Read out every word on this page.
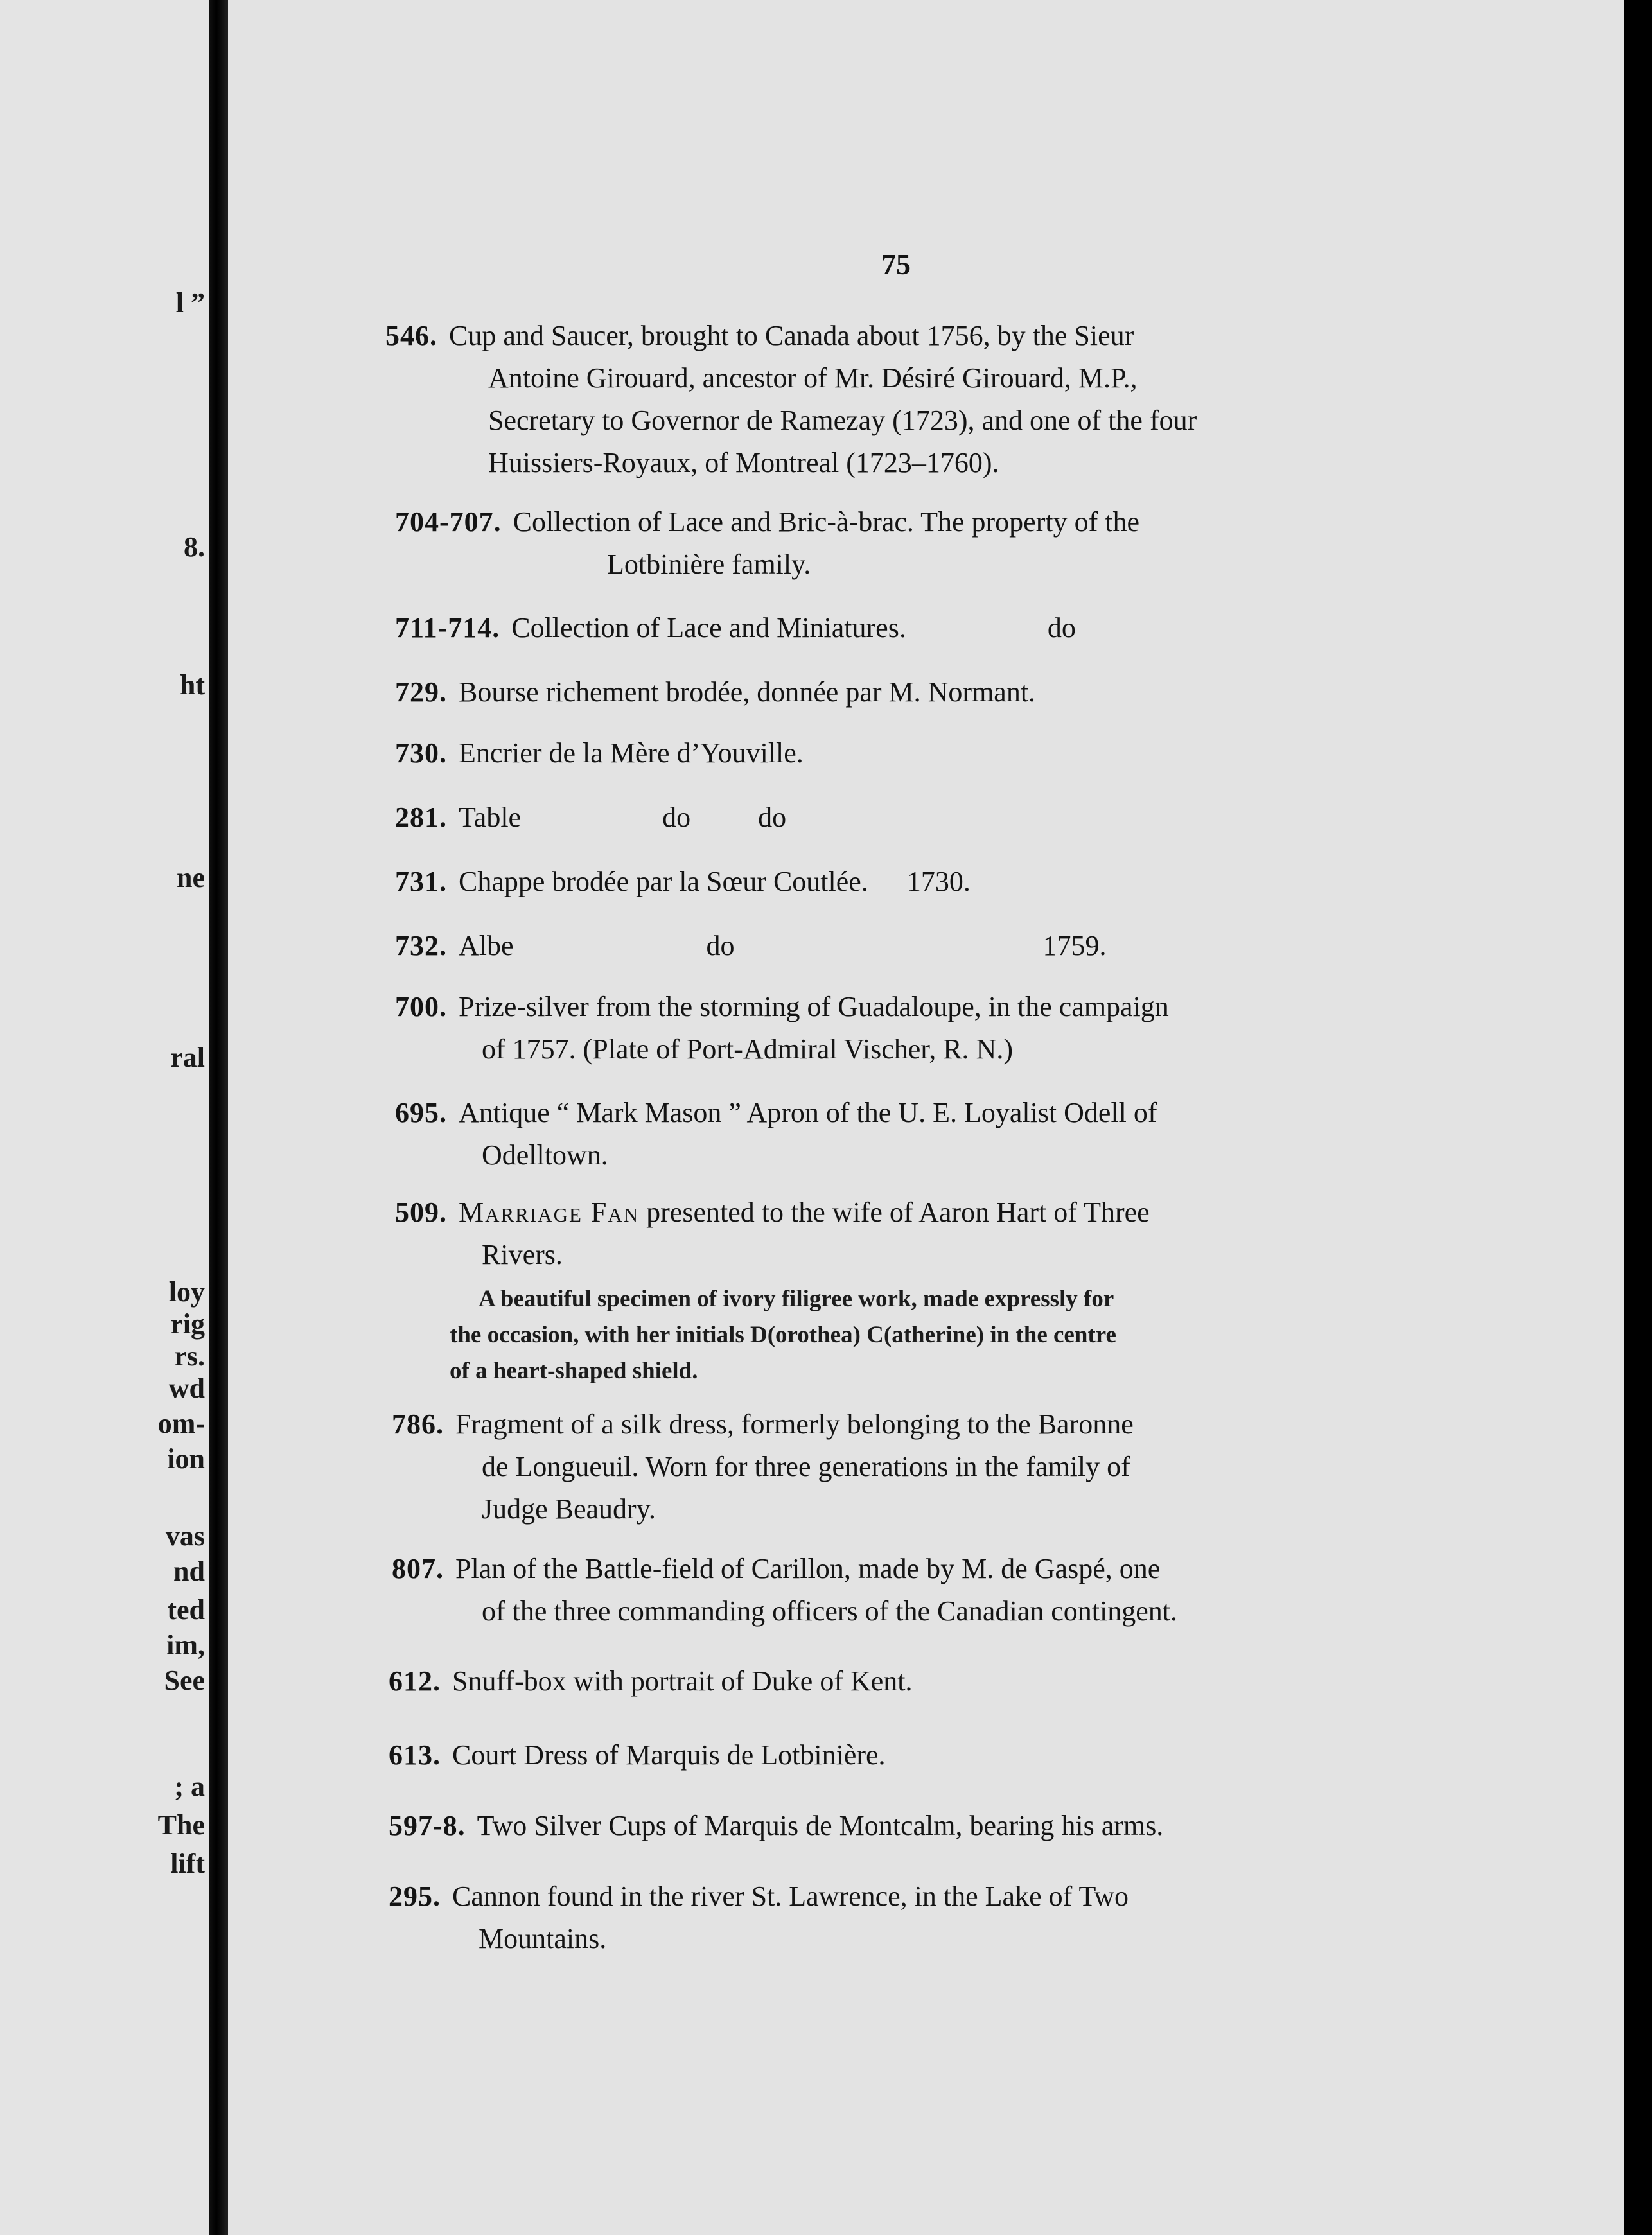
l ”
8.
ht
ne
ral
loy
rig
rs.
wd
om-
ion
vas
nd
ted
im,
See
; a
The
lift
75
546. Cup and Saucer, brought to Canada about 1756, by the Sieur
Antoine Girouard, ancestor of Mr. Désiré Girouard, M.P.,
Secretary to Governor de Ramezay (1723), and one of the four
Huissiers-Royaux, of Montreal (1723–1760).
704-707. Collection of Lace and Bric-à-brac. The property of the
Lotbinière family.
711-714. Collection of Lace and Miniatures.	do
729. Bourse richement brodée, donnée par M. Normant.
730. Encrier de la Mère d’Youville.
281. Table	do do
731. Chappe brodée par la Sœur Coutlée. 1730.
732. Albe	do	1759.
700. Prize-silver from the storming of Guadaloupe, in the campaign
of 1757. (Plate of Port-Admiral Vischer, R. N.)
695. Antique “ Mark Mason ” Apron of the U. E. Loyalist Odell of
Odelltown.
509. Marriage Fan presented to the wife of Aaron Hart of Three
Rivers.
A beautiful specimen of ivory filigree work, made expressly for
the occasion, with her initials D(orothea) C(atherine) in the centre
of a heart-shaped shield.
786. Fragment of a silk dress, formerly belonging to the Baronne
de Longueuil. Worn for three generations in the family of
Judge Beaudry.
807. Plan of the Battle-field of Carillon, made by M. de Gaspé, one
of the three commanding officers of the Canadian contingent.
612. Snuff-box with portrait of Duke of Kent.
613. Court Dress of Marquis de Lotbinière.
597-8. Two Silver Cups of Marquis de Montcalm, bearing his arms.
295. Cannon found in the river St. Lawrence, in the Lake of Two
Mountains.
